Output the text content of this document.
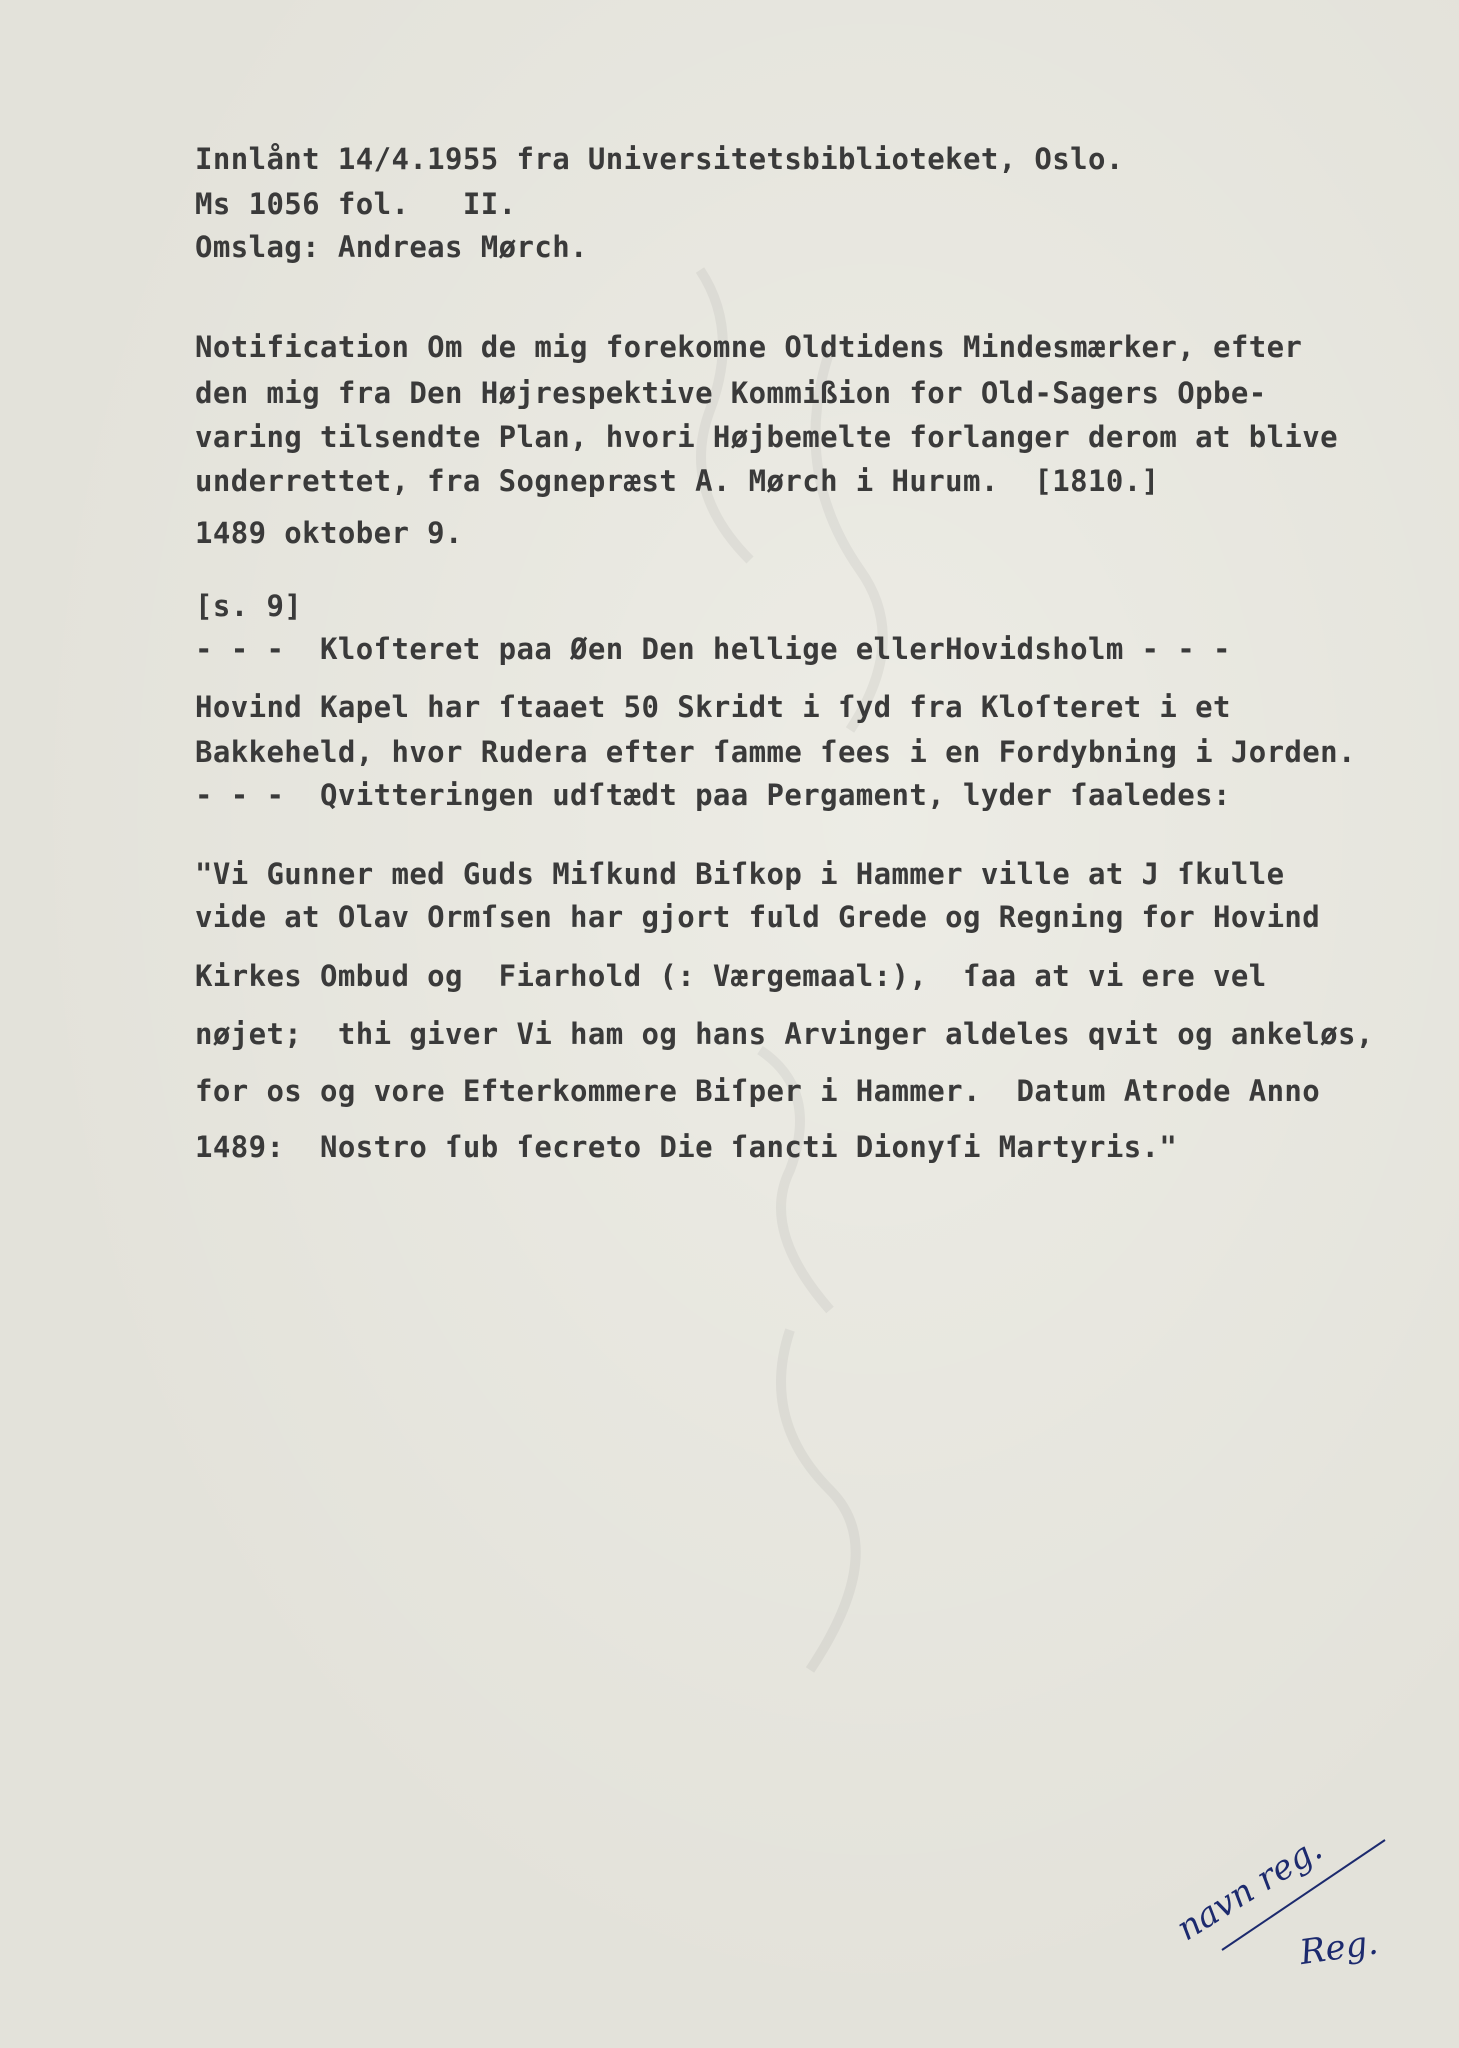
Innlånt 14/4.1955 fra Universitetsbiblioteket, Oslo.
Ms 1056 fol.   II.
Omslag: Andreas Mørch.
Notification Om de mig forekomne Oldtidens Mindesmærker, efter
den mig fra Den Højrespektive Kommißion for Old-Sagers Opbe-
varing tilsendte Plan, hvori Højbemelte forlanger derom at blive
underrettet, fra Sognepræst A. Mørch i Hurum.  [1810.]
1489 oktober 9.
[s. 9]
- - -  Kloſteret paa Øen Den hellige ellerHovidsholm - - -
Hovind Kapel har ſtaaet 50 Skridt i ſyd fra Kloſteret i et
Bakkeheld, hvor Rudera efter ſamme ſees i en Fordybning i Jorden.
- - -  Qvitteringen udſtædt paa Pergament, lyder ſaaledes:
"Vi Gunner med Guds Miſkund Biſkop i Hammer ville at J ſkulle
vide at Olav Ormſsen har gjort fuld Grede og Regning for Hovind
Kirkes Ombud og  Fiarhold (: Værgemaal:),  ſaa at vi ere vel
nøjet;  thi giver Vi ham og hans Arvinger aldeles qvit og ankeløs,
for os og vore Efterkommere Biſper i Hammer.  Datum Atrode Anno
1489:  Nostro ſub ſecreto Die ſancti Dionyſi Martyris."
navn reg.
Reg.
